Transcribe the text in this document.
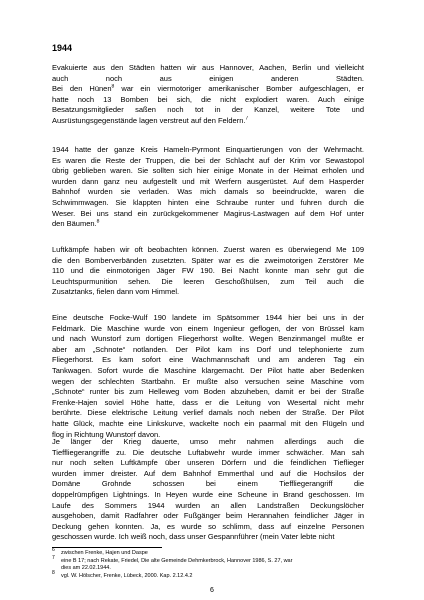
1944
Evakuierte aus den Städten hatten wir aus Hannover, Aachen, Berlin und vielleicht
auch noch aus einigen anderen Städten.
Bei den Hünen$^8$ war ein viermotoriger amerikanischer Bomber aufgeschlagen, er
hatte noch 13 Bomben bei sich, die nicht explodiert waren. Auch einige
Besatzungsmitglieder saßen noch tot in der Kanzel, weitere Tote und
Ausrüstungsgegenstände lagen verstreut auf den Feldern.$^7$
1944 hatte der ganze Kreis Hameln-Pyrmont Einquartierungen von der Wehrmacht.
Es waren die Reste der Truppen, die bei der Schlacht auf der Krim vor Sewastopol
übrig geblieben waren. Sie sollten sich hier einige Monate in der Heimat erholen und
wurden dann ganz neu aufgestellt und mit Werfern ausgerüstet. Auf dem Hasperder
Bahnhof wurden sie verladen. Was mich damals so beeindruckte, waren die
Schwimmwagen. Sie klappten hinten eine Schraube runter und fuhren durch die
Weser. Bei uns stand ein zurückgekommener Magirus-Lastwagen auf dem Hof unter
den Bäumen.$^8$
Luftkämpfe haben wir oft beobachten können. Zuerst waren es überwiegend Me 109
die den Bomberverbänden zusetzten. Später war es die zweimotorigen Zerstörer Me
110 und die einmotorigen Jäger FW 190. Bei Nacht konnte man sehr gut die
Leuchtspurmunition sehen. Die leeren Geschoßhülsen, zum Teil auch die
Zusatztanks, fielen dann vom Himmel.
Eine deutsche Focke-Wulf 190 landete im Spätsommer 1944 hier bei uns in der
Feldmark. Die Maschine wurde von einem Ingenieur geflogen, der von Brüssel kam
und nach Wunstorf zum dortigen Fliegerhorst wollte. Wegen Benzinmangel mußte er
aber am „Schnote“ notlanden. Der Pilot kam ins Dorf und telephonierte zum
Fliegerhorst. Es kam sofort eine Wachmannschaft und am anderen Tag ein
Tankwagen. Sofort wurde die Maschine klargemacht. Der Pilot hatte aber Bedenken
wegen der schlechten Startbahn. Er mußte also versuchen seine Maschine vom
„Schnote“ runter bis zum Helleweg vom Boden abzuheben, damit er bei der Straße
Frenke-Hajen soviel Höhe hatte, dass er die Leitung von Wesertal nicht mehr
berührte. Diese elektrische Leitung verlief damals noch neben der Straße. Der Pilot
hatte Glück, machte eine Linkskurve, wackelte noch ein paarmal mit den Flügeln und
flog in Richtung Wunstorf davon.
Je länger der Krieg dauerte, umso mehr nahmen allerdings auch die
Tieffliegerangriffe zu. Die deutsche Luftabwehr wurde immer schwächer. Man sah
nur noch selten Luftkämpfe über unseren Dörfern und die feindlichen Tieflieger
wurden immer dreister. Auf dem Bahnhof Emmerthal und auf die Hochsilos der
Domäne Grohnde schossen bei einem Tieffliegerangriff die
doppelrümpfigen Lightnings. In Heyen wurde eine Scheune in Brand geschossen. Im
Laufe des Sommers 1944 wurden an allen Landstraßen Deckungslöcher
ausgehoben, damit Radfahrer oder Fußgänger beim Herannahen feindlicher Jäger in
Deckung gehen konnten. Ja, es wurde so schlimm, dass auf einzelne Personen
geschossen wurde. Ich weiß noch, dass unser Gespannführer (mein Vater lebte nicht
$^6$ zwischen Frenke, Hajen und Daspe
$^7$ eine B 17; nach Rekate, Friedel, Die alte Gemeinde Dehmkerbrock, Hannover 1986, S. 27, war
dies am 22.02.1944.
$^8$ vgl. W. Hölscher, Frenke, Lübeck, 2000. Kap. 2.12.4.2
6
